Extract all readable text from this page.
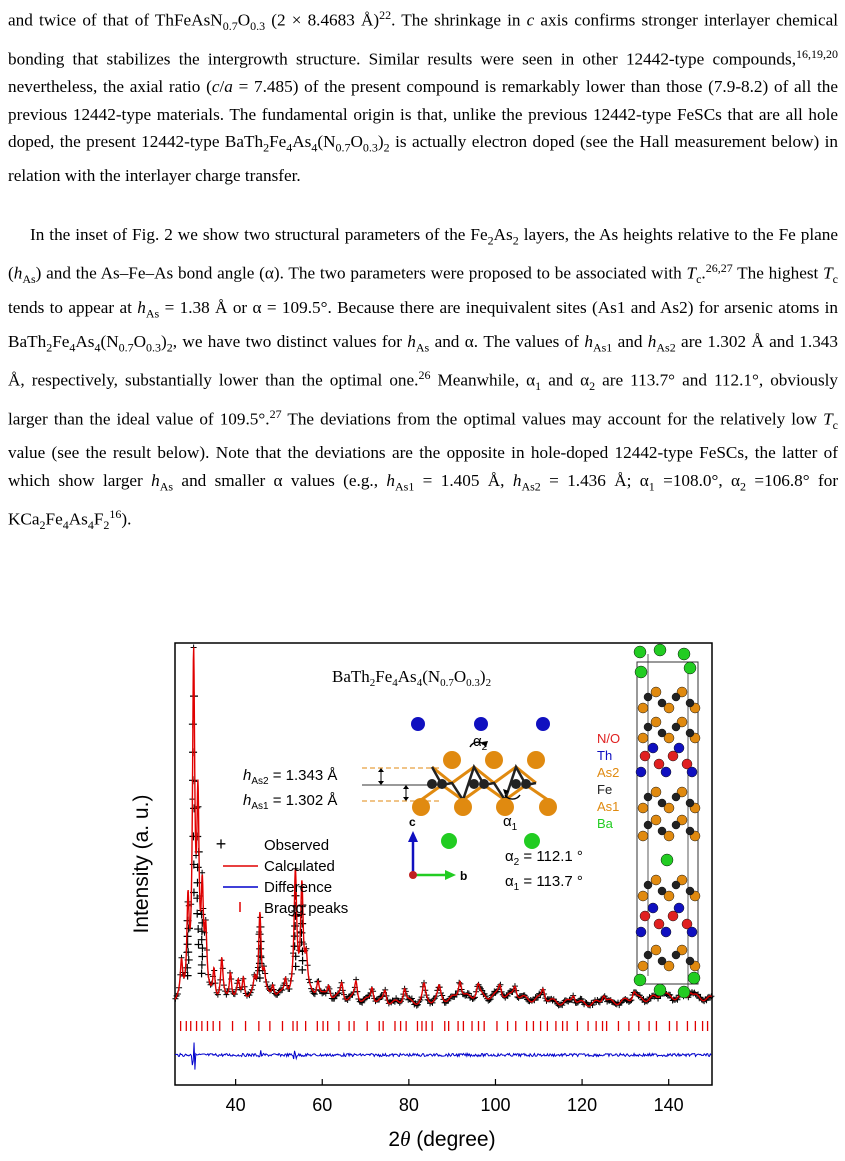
and twice of that of $ThFeAsN_{0.7}O_{0.3}$ (2 × 8.4683 Å)$^{22}$. The shrinkage in c axis confirms stronger interlayer chemical bonding that stabilizes the intergrowth structure. Similar results were seen in other 12442-type compounds,$^{16,19,20}$ nevertheless, the axial ratio (c/a = 7.485) of the present compound is remarkably lower than those (7.9-8.2) of all the previous 12442-type materials. The fundamental origin is that, unlike the previous 12442-type FeSCs that are all hole doped, the present 12442-type $BaTh_2Fe_4As_4(N_{0.7}O_{0.3})_2$ is actually electron doped (see the Hall measurement below) in relation with the interlayer charge transfer.

In the inset of Fig. 2 we show two structural parameters of the $Fe_2As_2$ layers, the As heights relative to the Fe plane $(h_{As})$ and the As–Fe–As bond angle (α). The two parameters were proposed to be associated with $T_c.^{26,27}$ The highest $T_c$ tends to appear at $h_{As} = 1.38$ Å or α = 109.5°. Because there are inequivalent sites (As1 and As2) for arsenic atoms in $BaTh_2Fe_4As_4(N_{0.7}O_{0.3})_2$, we have two distinct values for $h_{As}$ and α. The values of $h_{As1}$ and $h_{As2}$ are 1.302 Å and 1.343 Å, respectively, substantially lower than the optimal one.$^{26}$ Meanwhile, $\alpha_1$ and $\alpha_2$ are 113.7° and 112.1°, obviously larger than the ideal value of 109.5°.$^{27}$ The deviations from the optimal values may account for the relatively low $T_c$ value (see the result below). Note that the deviations are the opposite in hole-doped 12442-type FeSCs, the latter of which show larger $h_{As}$ and smaller α values (e.g., $h_{As1} = 1.405$ Å, $h_{As2} = 1.436$ Å; $\alpha_1 =108.0^\circ$, $\alpha_2 =106.8^\circ$ for $KCa_2Fe_4As_4F_2^{16}$).

Intensity (a. u.)
40	60	80	100	120	140
2θ (degree)
$BaTh_2Fe_4As_4(N_{0.7}O_{0.3})_2$
+	Observed
Calculated
Difference
Bragg peaks
$h_{As2} = 1.343$ Å
$h_{As1} = 1.302$ Å
$\alpha_2$
$\alpha_1$
c
b
$\alpha_2 = 112.1$ °
$\alpha_1 = 113.7$ °
N/O
Th
As2
Fe
As1
Ba
